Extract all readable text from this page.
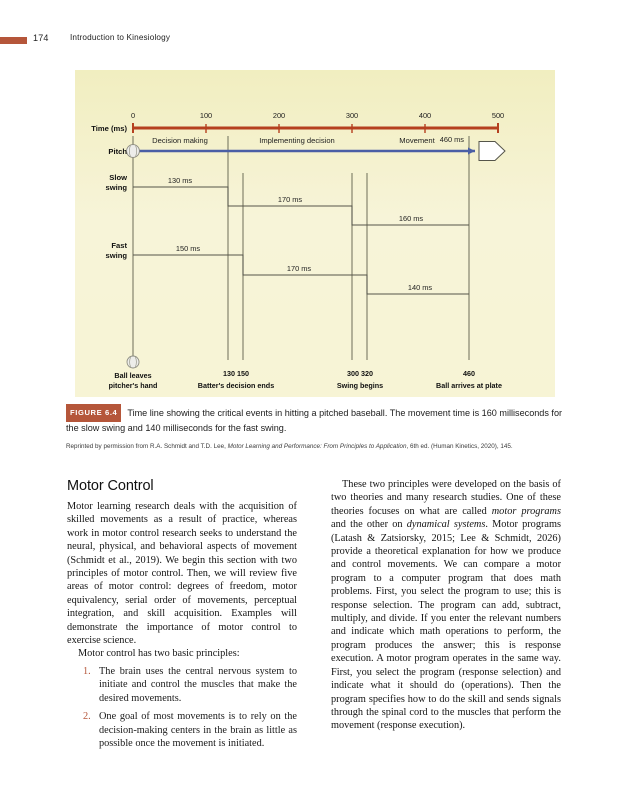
174	Introduction to Kinesiology
0	100	200	300	400	500
Time (ms)
Decision making	Implementing decision	Movement
Pitch
460 ms
Slow
swing
130 ms
170 ms
160 ms
Fast
swing
150 ms
170 ms
140 ms
Ball leaves
pitcher's hand
130 150
Batter's decision ends
300 320
Swing begins
460
Ball arrives at plate
FIGURE 6.4 Time line showing the critical events in hitting a pitched baseball. The movement time is 160 milliseconds for the slow swing and 140 milliseconds for the fast swing.
Reprinted by permission from R.A. Schmidt and T.D. Lee, Motor Learning and Performance: From Principles to Application, 6th ed. (Human Kinetics, 2020), 145.
Motor Control

Motor learning research deals with the acquisition of skilled movements as a result of practice, whereas work in motor control research seeks to understand the neural, physical, and behavioral aspects of movement (Schmidt et al., 2019). We begin this section with two principles of motor control. Then, we will review five areas of motor control: degrees of freedom, motor equivalency, serial order of movements, perceptual integration, and skill acquisition. Examples will demonstrate the importance of motor control to exercise science.

Motor control has two basic principles:

1. The brain uses the central nervous system to initiate and control the muscles that make the desired movements.
2. One goal of most movements is to rely on the decision-making centers in the brain as little as possible once the movement is initiated.

These two principles were developed on the basis of two theories and many research studies. One of these theories focuses on what are called motor programs and the other on dynamical systems. Motor programs (Latash & Zatsiorsky, 2015; Lee & Schmidt, 2026) provide a theoretical explanation for how we produce and control movements. We can compare a motor program to a computer program that does math problems. First, you select the program to use; this is response selection. The program can add, subtract, multiply, and divide. If you enter the relevant numbers and indicate which math operations to perform, the program produces the answer; this is response execution. A motor program operates in the same way. First, you select the program (response selection) and indicate what it should do (operations). Then the program specifies how to do the skill and sends signals through the spinal cord to the muscles that perform the movement (response execution).
